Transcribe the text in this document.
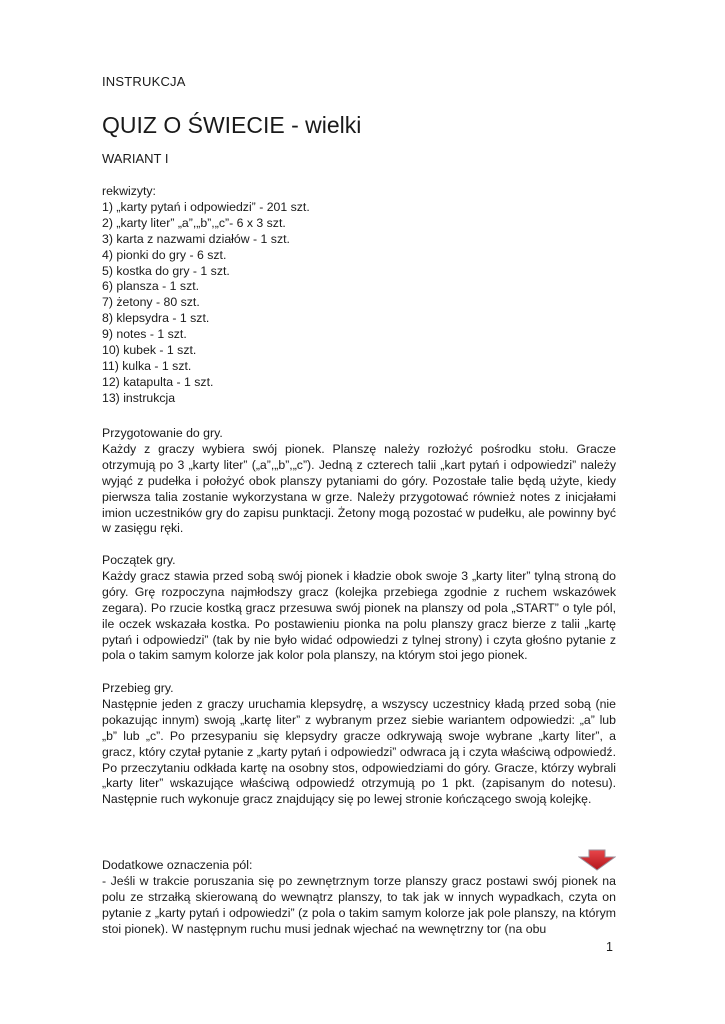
INSTRUKCJA
QUIZ O ŚWIECIE - wielki
WARIANT I
rekwizyty:
1) „karty pytań i odpowiedzi” - 201 szt.
2) „karty liter” „a”,„b”,„c”- 6 x 3 szt.
3) karta z nazwami działów - 1 szt.
4) pionki do gry - 6 szt.
5) kostka do gry - 1 szt.
6) plansza - 1 szt.
7) żetony - 80 szt.
8) klepsydra - 1 szt.
9) notes - 1 szt.
10) kubek - 1 szt.
11) kulka - 1 szt.
12) katapulta - 1 szt.
13) instrukcja
Przygotowanie do gry.

Każdy z graczy wybiera swój pionek. Planszę należy rozłożyć pośrodku stołu. Gracze otrzymują po 3 „karty liter” („a”,„b”,„c”). Jedną z czterech talii „kart pytań i odpowiedzi” należy wyjąć z pudełka i położyć obok planszy pytaniami do góry. Pozostałe talie będą użyte, kiedy pierwsza talia zostanie wykorzystana w grze. Należy przygotować również notes z inicjałami imion uczestników gry do zapisu punktacji. Żetony mogą pozostać w pudełku, ale powinny być w zasięgu ręki.

Początek gry.

Każdy gracz stawia przed sobą swój pionek i kładzie obok swoje 3 „karty liter” tylną stroną do góry. Grę rozpoczyna najmłodszy gracz (kolejka przebiega zgodnie z ruchem wskazówek zegara). Po rzucie kostką gracz przesuwa swój pionek na planszy od pola „START” o tyle pól, ile oczek wskazała kostka. Po postawieniu pionka na polu planszy gracz bierze z talii „kartę pytań i odpowiedzi” (tak by nie było widać odpowiedzi z tylnej strony) i czyta głośno pytanie z pola o takim samym kolorze jak kolor pola planszy, na którym stoi jego pionek.

Przebieg gry.

Następnie jeden z graczy uruchamia klepsydrę, a wszyscy uczestnicy kładą przed sobą (nie pokazując innym) swoją „kartę liter” z wybranym przez siebie wariantem odpowiedzi: „a” lub „b” lub „c”. Po przesypaniu się klepsydry gracze odkrywają swoje wybrane „karty liter”, a gracz, który czytał pytanie z „karty pytań i odpowiedzi” odwraca ją i czyta właściwą odpowiedź. Po przeczytaniu odkłada kartę na osobny stos, odpowiedziami do góry. Gracze, którzy wybrali „karty liter” wskazujące właściwą odpowiedź otrzymują po 1 pkt. (zapisanym do notesu). Następnie ruch wykonuje gracz znajdujący się po lewej stronie kończącego swoją kolejkę.

Dodatkowe oznaczenia pól:

- Jeśli w trakcie poruszania się po zewnętrznym torze planszy gracz postawi swój pionek na polu ze strzałką skierowaną do wewnątrz planszy, to tak jak w innych wypadkach, czyta on pytanie z „karty pytań i odpowiedzi” (z pola o takim samym kolorze jak pole planszy, na którym stoi pionek). W następnym ruchu musi jednak wjechać na wewnętrzny tor (na obu

1
